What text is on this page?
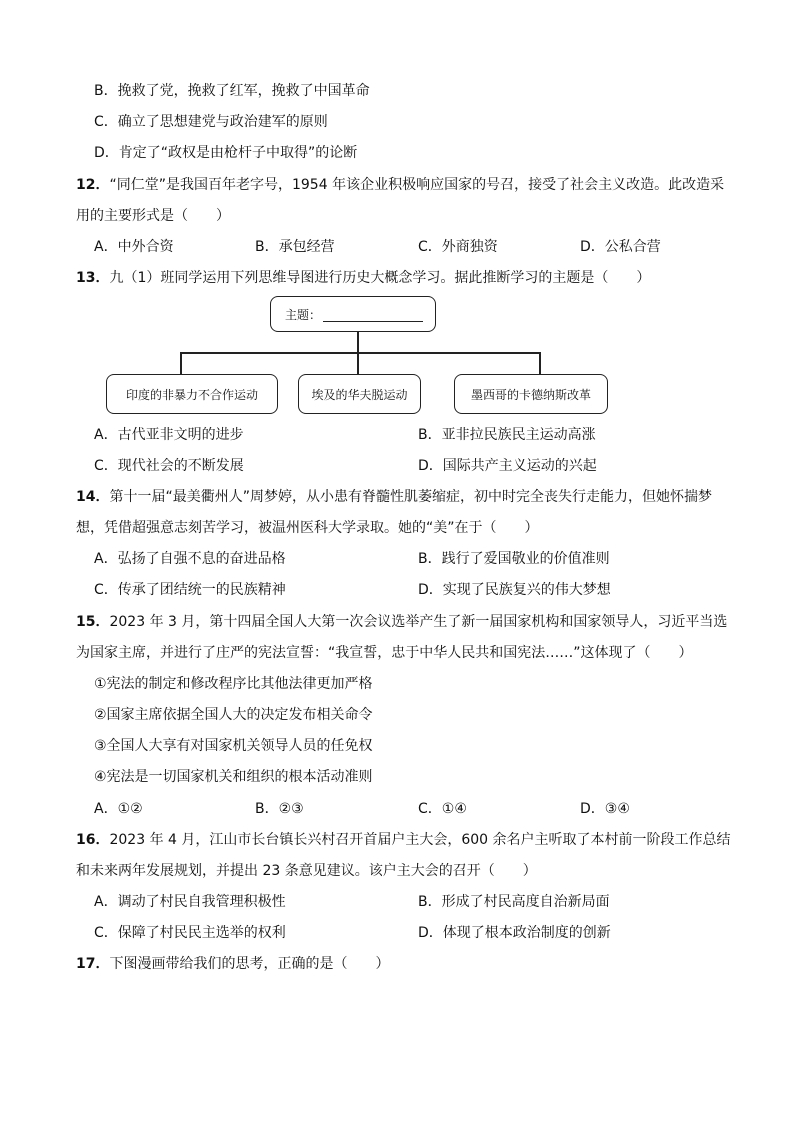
B．挽救了党，挽救了红军，挽救了中国革命
C．确立了思想建党与政治建军的原则
D．肯定了“政权是由枪杆子中取得”的论断
12．“同仁堂”是我国百年老字号，1954 年该企业积极响应国家的号召，接受了社会主义改造。此改造采
用的主要形式是（　　）
A．中外合资	B．承包经营	C．外商独资	D．公私合营
13．九（1）班同学运用下列思维导图进行历史大概念学习。据此推断学习的主题是（　　）
主题：
印度的非暴力不合作运动	埃及的华夫脱运动	墨西哥的卡德纳斯改革
A．古代亚非文明的进步	B．亚非拉民族民主运动高涨
C．现代社会的不断发展	D．国际共产主义运动的兴起
14．第十一届“最美衢州人”周梦婷，从小患有脊髓性肌萎缩症，初中时完全丧失行走能力，但她怀揣梦
想，凭借超强意志刻苦学习，被温州医科大学录取。她的“美”在于（　　）
A．弘扬了自强不息的奋进品格	B．践行了爱国敬业的价值准则
C．传承了团结统一的民族精神	D．实现了民族复兴的伟大梦想
15．2023 年 3 月，第十四届全国人大第一次会议选举产生了新一届国家机构和国家领导人，习近平当选
为国家主席，并进行了庄严的宪法宣誓：“我宣誓，忠于中华人民共和国宪法……”这体现了（　　）
①宪法的制定和修改程序比其他法律更加严格
②国家主席依据全国人大的决定发布相关命令
③全国人大享有对国家机关领导人员的任免权
④宪法是一切国家机关和组织的根本活动准则
A．①②	B．②③	C．①④	D．③④
16．2023 年 4 月，江山市长台镇长兴村召开首届户主大会，600 余名户主听取了本村前一阶段工作总结
和未来两年发展规划，并提出 23 条意见建议。该户主大会的召开（　　）
A．调动了村民自我管理积极性	B．形成了村民高度自治新局面
C．保障了村民民主选举的权利	D．体现了根本政治制度的创新
17．下图漫画带给我们的思考，正确的是（　　）
